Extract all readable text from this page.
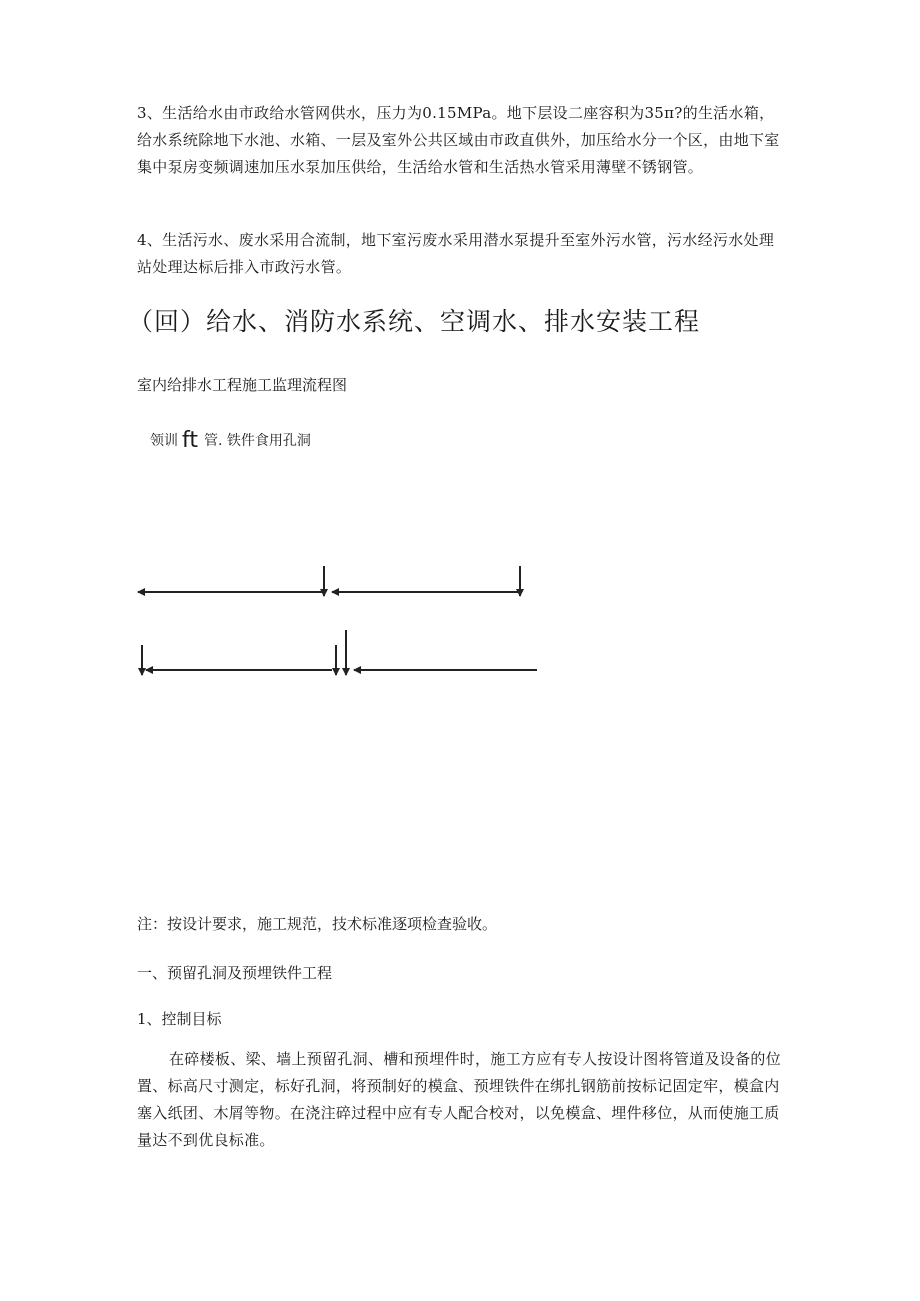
3、生活给水由市政给水管网供水，压力为0.15MPa。地下层设二座容积为35π?的生活水箱，给水系统除地下水池、水箱、一层及室外公共区域由市政直供外，加压给水分一个区，由地下室集中泵房变频调速加压水泵加压供给，生活给水管和生活热水管采用薄壁不锈钢管。

4、生活污水、废水采用合流制，地下室污废水采用潜水泵提升至室外污水管，污水经污水处理站处理达标后排入市政污水管。

（回）给水、消防水系统、空调水、排水安装工程

室内给排水工程施工监理流程图

领训 ft 管. 铁件食用孔洞

注：按设计要求，施工规范，技术标准逐项检查验收。

一、预留孔洞及预埋铁件工程

1、控制目标

在碎楼板、梁、墙上预留孔洞、槽和预埋件时，施工方应有专人按设计图将管道及设备的位置、标高尺寸测定，标好孔洞，将预制好的模盒、预埋铁件在绑扎钢筋前按标记固定牢，模盒内塞入纸团、木屑等物。在浇注碎过程中应有专人配合校对，以免模盒、埋件移位，从而使施工质量达不到优良标准。
